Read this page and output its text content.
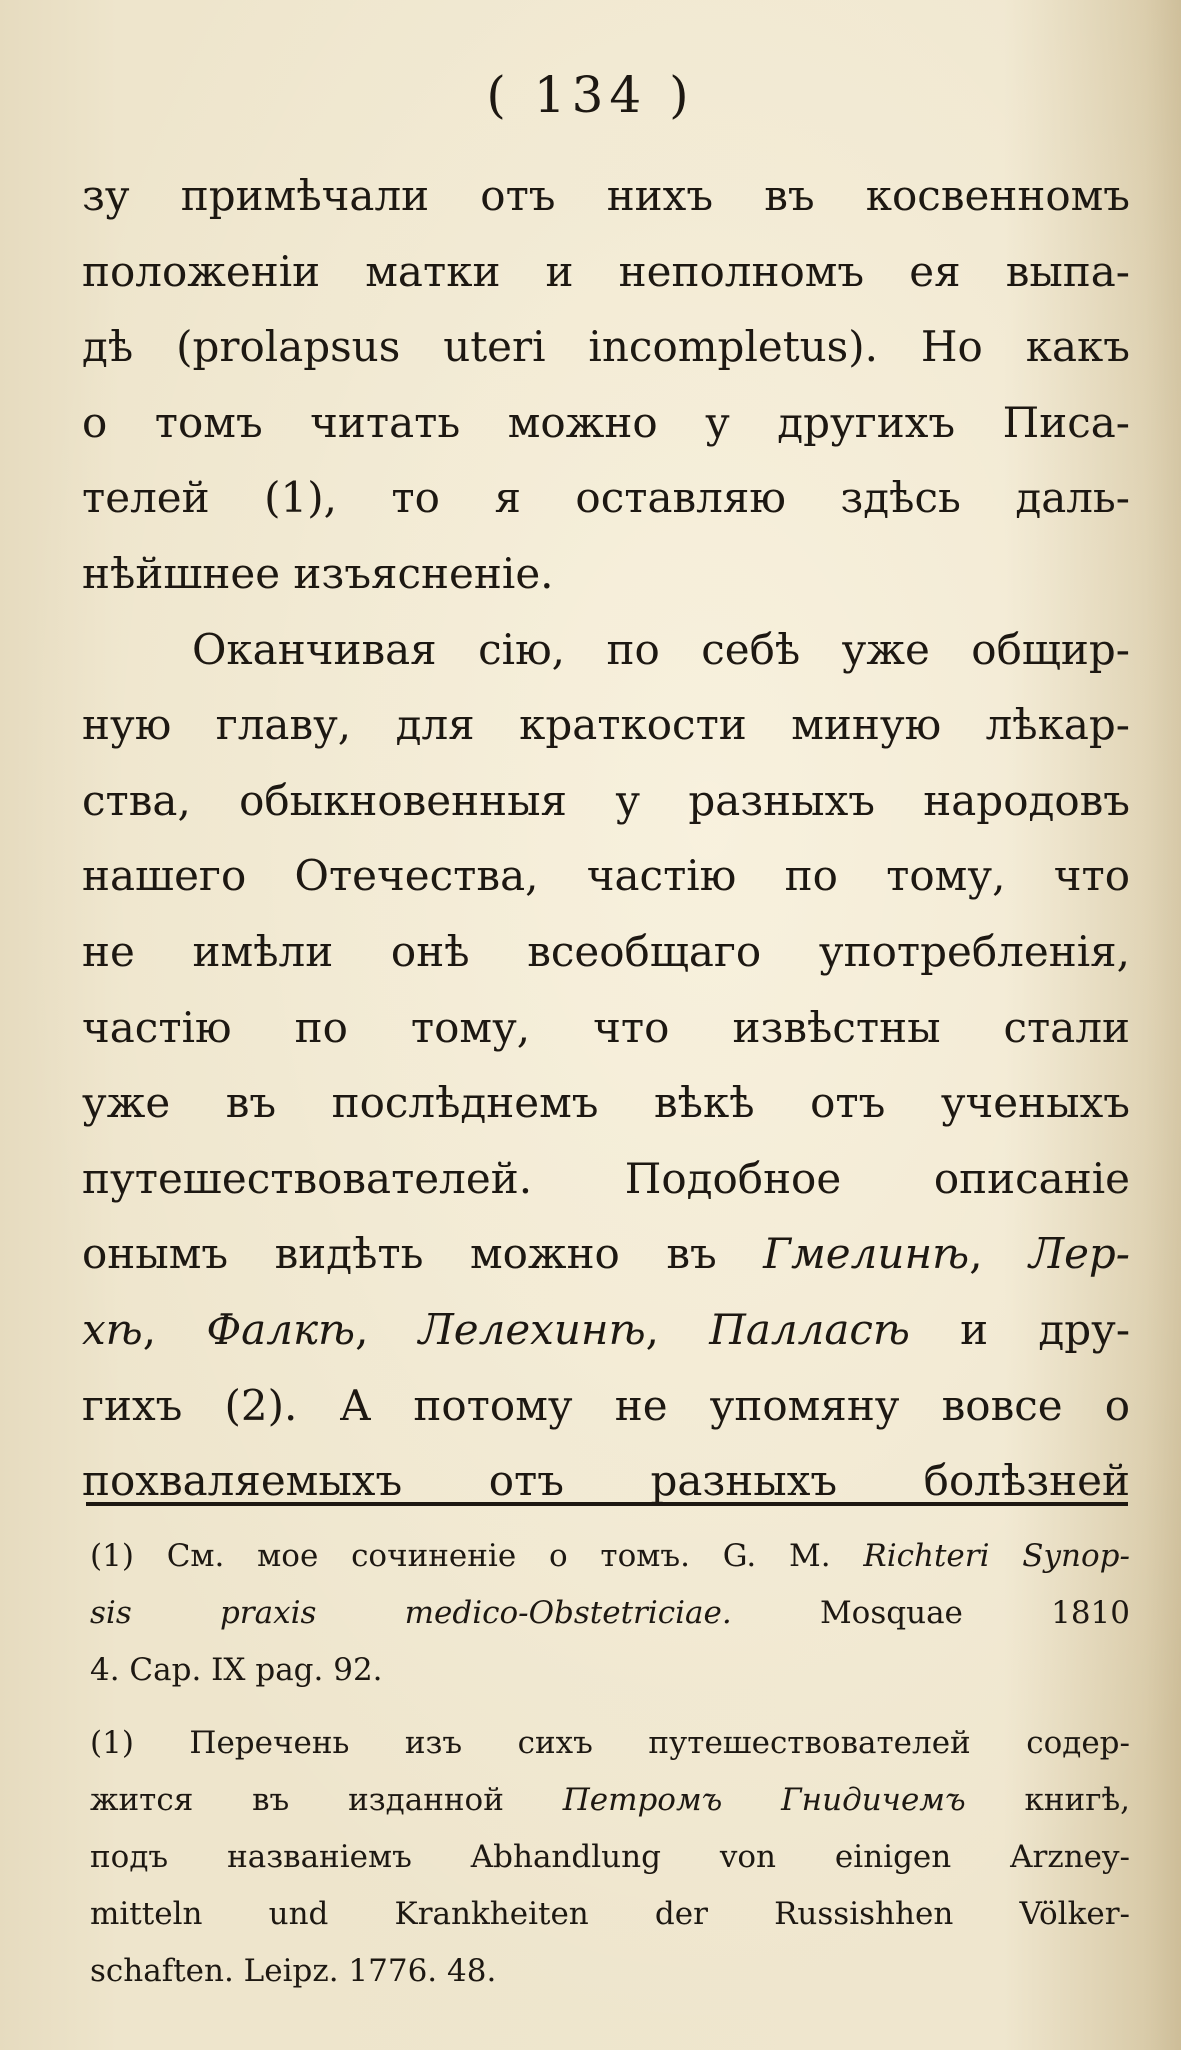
( 134 )
зу примѣчали отъ нихъ въ косвенномъ
положенiи матки и неполномъ ея выпа-
дѣ (prolapsus uteri incompletus). Но какъ
о томъ читать можно у другихъ Писа-
телей (1), то я оставляю здѣсь даль-
нѣйшнее изъясненiе.
Оканчивая сiю, по себѣ уже общир-
ную главу, для краткости миную лѣкар-
ства, обыкновенныя у разныхъ народовъ
нашего Отечества, частiю по тому, что
не имѣли онѣ всеобщаго употребленiя,
частiю по тому, что извѣстны стали
уже въ послѣднемъ вѣкѣ отъ ученыхъ
путешествователей. Подобное описанiе
онымъ видѣть можно въ Гмелинѣ, Лер-
хѣ, Фалкѣ, Лелехинѣ, Палласѣ и дру-
гихъ (2). А потому не упомяну вовсе о
похваляемыхъ отъ разныхъ болѣзней
(1) См. мое сочиненiе о томъ. G. M. Richteri Synop-
sis praxis medico-Obstetriciae. Mosquae 1810
4. Cap. IX pag. 92.
(1) Перечень изъ сихъ путешествователей содер-
жится въ изданной Петромъ Гнидичемъ книгѣ,
подъ названiемъ Abhandlung von einigen Arzney-
mitteln und Krankheiten der Russishhen Völker-
schaften. Leipz. 1776. 48.
